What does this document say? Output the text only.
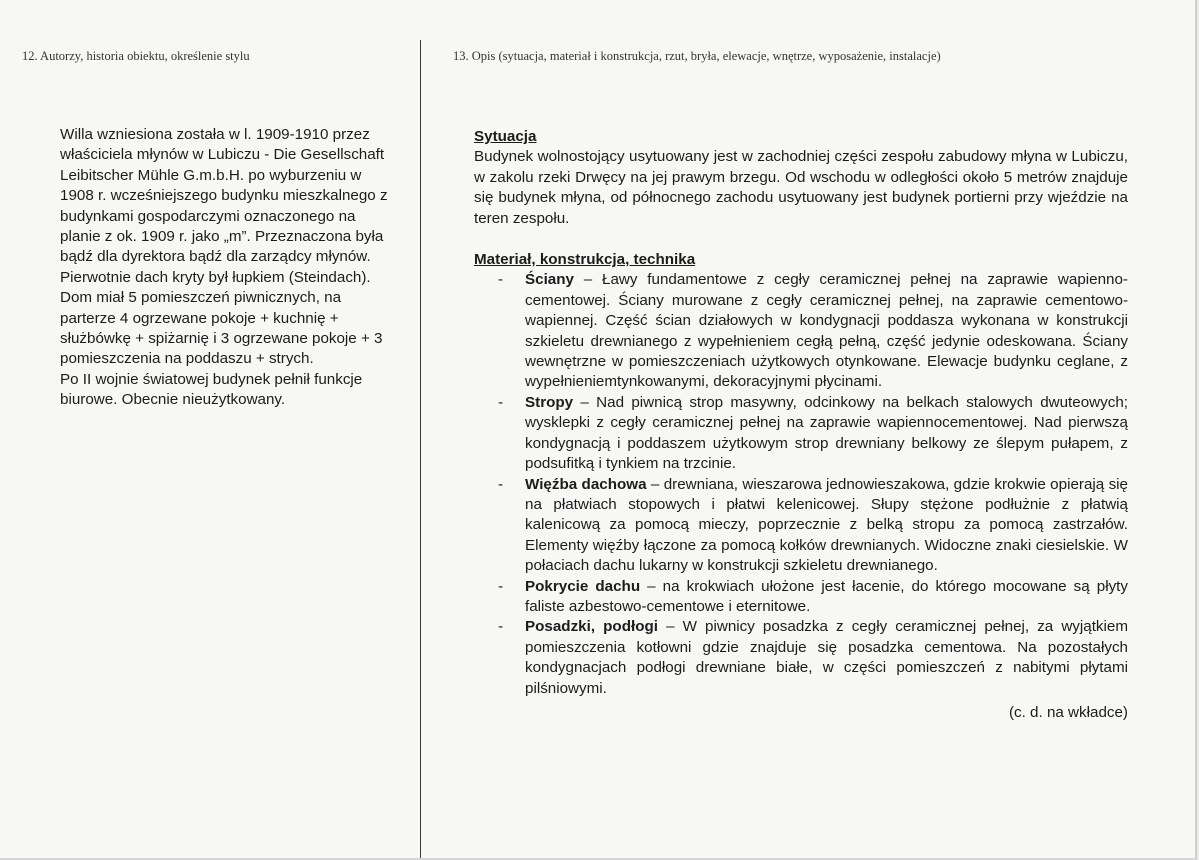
12. Autorzy, historia obiektu, określenie stylu	13. Opis (sytuacja, materiał i konstrukcja, rzut, bryła, elewacje, wnętrze, wyposażenie, instalacje)

Willa wzniesiona została w l. 1909-1910 przez właściciela młynów w Lubiczu - Die Gesellschaft Leibitscher Mühle G.m.b.H. po wyburzeniu w 1908 r. wcześniejszego budynku mieszkalnego z budynkami gospodarczymi oznaczonego na planie z ok. 1909 r. jako „m”. Przeznaczona była bądź dla dyrektora bądź dla zarządcy młynów. Pierwotnie dach kryty był łupkiem (Steindach). Dom miał 5 pomieszczeń piwnicznych, na parterze 4 ogrzewane pokoje + kuchnię + służbówkę + spiżarnię i 3 ogrzewane pokoje + 3 pomieszczenia na poddaszu + strych.

Po II wojnie światowej budynek pełnił funkcje biurowe. Obecnie nieużytkowany.

Sytuacja

Budynek wolnostojący usytuowany jest w zachodniej części zespołu zabudowy młyna w Lubiczu, w zakolu rzeki Drwęcy na jej prawym brzegu. Od wschodu w odległości około 5 metrów znajduje się budynek młyna, od północnego zachodu usytuowany jest budynek portierni przy wjeździe na teren zespołu.

Materiał, konstrukcja, technika

- Ściany – Ławy fundamentowe z cegły ceramicznej pełnej na zaprawie wapienno-cementowej. Ściany murowane z cegły ceramicznej pełnej, na zaprawie cementowo-wapiennej. Część ścian działowych w kondygnacji poddasza wykonana w konstrukcji szkieletu drewnianego z wypełnieniem cegłą pełną, część jedynie odeskowana. Ściany wewnętrzne w pomieszczeniach użytkowych otynkowane. Elewacje budynku ceglane, z wypełnieniemtynkowanymi, dekoracyjnymi płycinami.
- Stropy – Nad piwnicą strop masywny, odcinkowy na belkach stalowych dwuteowych; wysklepki z cegły ceramicznej pełnej na zaprawie wapiennocementowej. Nad pierwszą kondygnacją i poddaszem użytkowym strop drewniany belkowy ze ślepym pułapem, z podsufitką i tynkiem na trzcinie.
- Więźba dachowa – drewniana, wieszarowa jednowieszakowa, gdzie krokwie opierają się na płatwiach stopowych i płatwi kelenicowej. Słupy stężone podłużnie z płatwią kalenicową za pomocą mieczy, poprzecznie z belką stropu za pomocą zastrzałów. Elementy więźby łączone za pomocą kołków drewnianych. Widoczne znaki ciesielskie. W połaciach dachu lukarny w konstrukcji szkieletu drewnianego.
- Pokrycie dachu – na krokwiach ułożone jest łacenie, do którego mocowane są płyty faliste azbestowo-cementowe i eternitowe.
- Posadzki, podłogi – W piwnicy posadzka z cegły ceramicznej pełnej, za wyjątkiem pomieszczenia kotłowni gdzie znajduje się posadzka cementowa. Na pozostałych kondygnacjach podłogi drewniane białe, w części pomieszczeń z nabitymi płytami pilśniowymi.
(c. d. na wkładce)
